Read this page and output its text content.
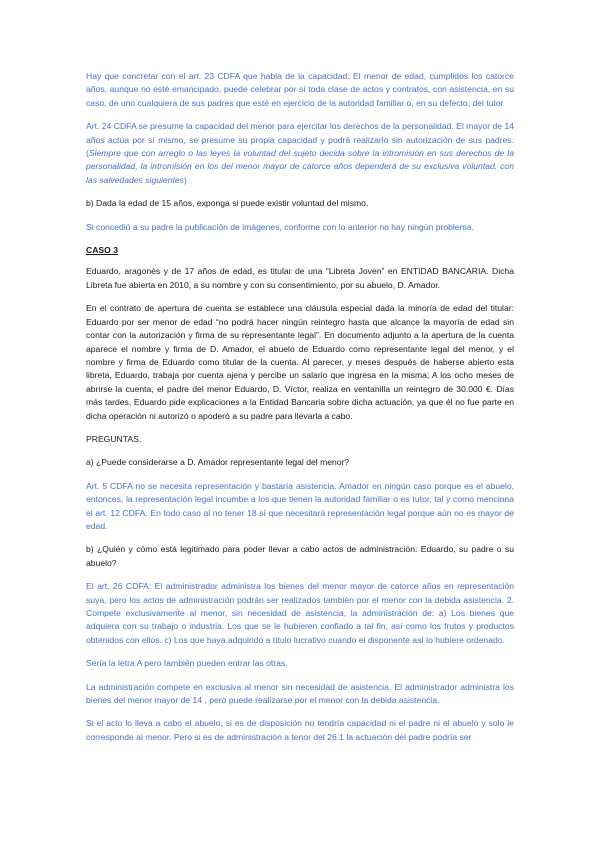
Hay que concretar con el art. 23 CDFA que habla de la capacidad: El menor de edad, cumplidos los catorce años, aunque no esté emancipado, puede celebrar por sí toda clase de actos y contratos, con asistencia, en su caso, de uno cualquiera de sus padres que esté en ejercicio de la autoridad familiar o, en su defecto, del tutor

Art. 24 CDFA se presume la capacidad del menor para ejercitar los derechos de la personalidad. El mayor de 14 años actúa por sí mismo, se presume su propia capacidad y podrá realizarlo sin autorización de sus padres. (Siempre que con arreglo o las leyes la voluntad del sujeto decida sobre la intromisión en sus derechos de la personalidad, la intromisión en los del menor mayor de catorce años dependerá de su exclusiva voluntad, con las salvedades siguientes)

b) Dada la edad de 15 años, exponga si puede existir voluntad del mismo.

Si concedió a su padre la publicación de imágenes, conforme con lo anterior no hay ningún problema.

CASO 3

Eduardo, aragonés y de 17 años de edad, es titular de una “Libreta Joven” en ENTIDAD BANCARIA. Dicha Libreta fue abierta en 2010, a su nombre y con su consentimiento, por su abuelo, D. Amador.

En el contrato de apertura de cuenta se establece una cláusula especial dada la minoría de edad del titular: Eduardo por ser menor de edad “no podrá hacer ningún reintegro hasta que alcance la mayoría de edad sin contar con la autorización y firma de su representante legal”. En documento adjunto a la apertura de la cuenta aparece el nombre y firma de D. Amador, el abuelo de Eduardo como representante legal del menor, y el nombre y firma de Eduardo como titular de la cuenta. Al parecer, y meses después de haberse abierto esta libreta, Eduardo, trabaja por cuenta ajena y percibe un salario que ingresa en la misma; A los ocho meses de abrirse la cuenta, el padre del menor Eduardo, D. Víctor, realiza en ventanilla un reintegro de 30.000 €. Días más tardes, Eduardo pide explicaciones a la Entidad Bancaria sobre dicha actuación, ya que él no fue parte en dicha operación ni autorizó o apoderó a su padre para llevarla a cabo.

PREGUNTAS.

a) ¿Puede considerarse a D. Amador representante legal del menor?

Art. 5 CDFA no se necesita representación y bastaría asistencia. Amador en ningún caso porque es el abuelo, entonces, la representación legal incumbe a los que tienen la autoridad familiar o es tutor, tal y como menciona el art. 12 CDFA. En todo caso al no tener 18 sí que necesitará representación legal porque aún no es mayor de edad.

b) ¿Quién y cómo está legitimado para poder llevar a cabo actos de administración: Eduardo, su padre o su abuelo?

El art. 26 CDFA: El administrador administra los bienes del menor mayor de catorce años en representación suya, pero los actos de administración podrán ser realizados también por el menor con la debida asistencia. 2. Compete exclusivamente al menor, sin necesidad de asistencia, la administración de: a) Los bienes que adquiera con su trabajo o industria. Los que se le hubieren confiado a tal fin, así como los frutos y productos obtenidos con ellos. c) Los que haya adquirido a título lucrativo cuando el disponente así lo hubiere ordenado.

Sería la letra A pero también pueden entrar las otras.

La administración compete en exclusiva al menor sin necesidad de asistencia. El administrador administra los bienes del menor mayor de 14 , pero puede realizarse por el menor con la debida asistencia.

Si el acto lo lleva a cabo el abuelo, si es de disposición no tendría capacidad ni el padre ni el abuelo y solo le corresponde al menor. Pero si es de administración a tenor del 26.1 la actuación del padre podría ser
